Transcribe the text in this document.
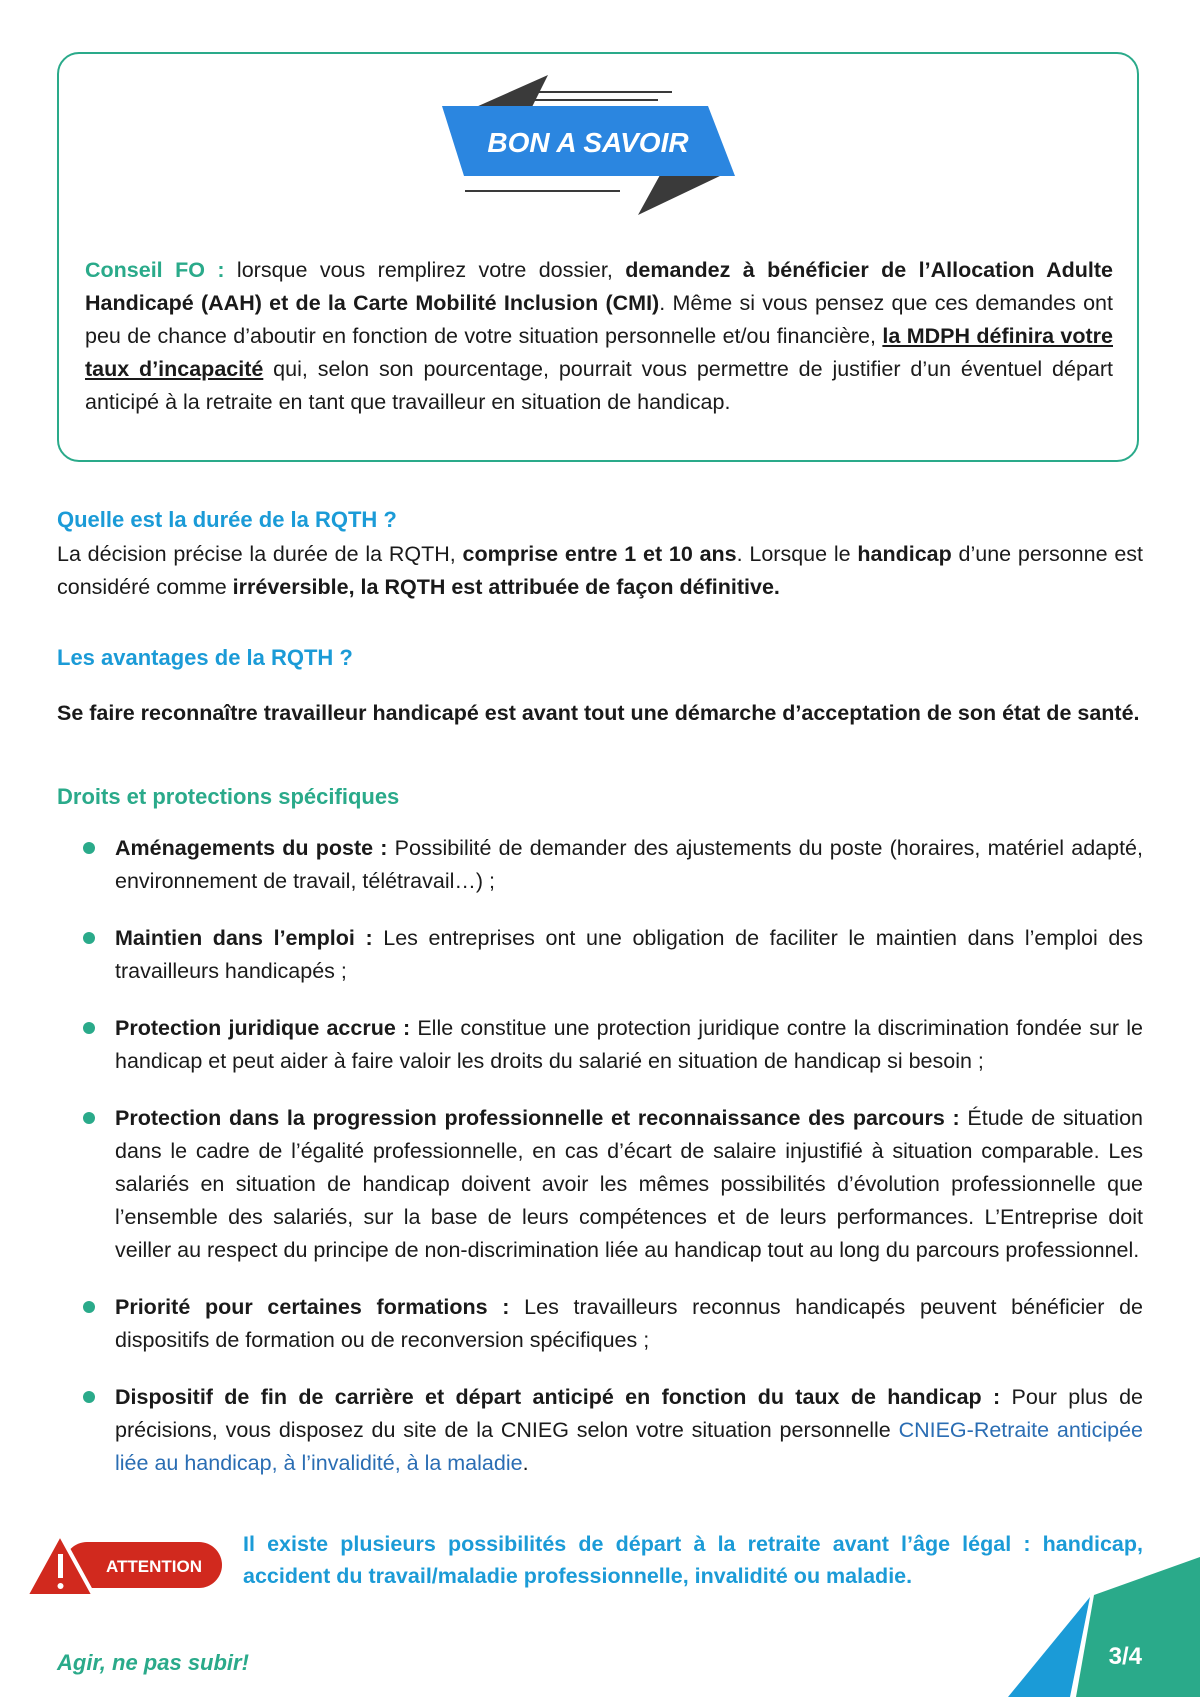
Conseil FO : lorsque vous remplirez votre dossier, demandez à bénéficier de l’Allocation Adulte Handicapé (AAH) et de la Carte Mobilité Inclusion (CMI). Même si vous pensez que ces demandes ont peu de chance d’aboutir en fonction de votre situation personnelle et/ou financière, la MDPH définira votre taux d’incapacité qui, selon son pourcentage, pourrait vous permettre de justifier d’un éventuel départ anticipé à la retraite en tant que travailleur en situation de handicap.

BON A SAVOIR
Quelle est la durée de la RQTH ?

La décision précise la durée de la RQTH, comprise entre 1 et 10 ans. Lorsque le handicap d’une personne est considéré comme irréversible, la RQTH est attribuée de façon définitive.

Les avantages de la RQTH ?

Se faire reconnaître travailleur handicapé est avant tout une démarche d’acceptation de son état de santé.

Droits et protections spécifiques
Aménagements du poste : Possibilité de demander des ajustements du poste (horaires, matériel adapté, environnement de travail, télétravail…) ;
Maintien dans l’emploi : Les entreprises ont une obligation de faciliter le maintien dans l’emploi des travailleurs handicapés ;
Protection juridique accrue : Elle constitue une protection juridique contre la discrimination fondée sur le handicap et peut aider à faire valoir les droits du salarié en situation de handicap si besoin ;
Protection dans la progression professionnelle et reconnaissance des parcours : Étude de situation dans le cadre de l’égalité professionnelle, en cas d’écart de salaire injustifié à situation comparable. Les salariés en situation de handicap doivent avoir les mêmes possibilités d’évolution professionnelle que l’ensemble des salariés, sur la base de leurs compétences et de leurs performances. L’Entreprise doit veiller au respect du principe de non-discrimination liée au handicap tout au long du parcours professionnel.
Priorité pour certaines formations : Les travailleurs reconnus handicapés peuvent bénéficier de dispositifs de formation ou de reconversion spécifiques ;
Dispositif de fin de carrière et départ anticipé en fonction du taux de handicap : Pour plus de précisions, vous disposez du site de la CNIEG selon votre situation personnelle CNIEG-Retraite anticipée liée au handicap, à l’invalidité, à la maladie.
ATTENTION
Il existe plusieurs possibilités de départ à la retraite avant l’âge légal : handicap, accident du travail/maladie professionnelle, invalidité ou maladie.
Agir, ne pas subir!	3/4
